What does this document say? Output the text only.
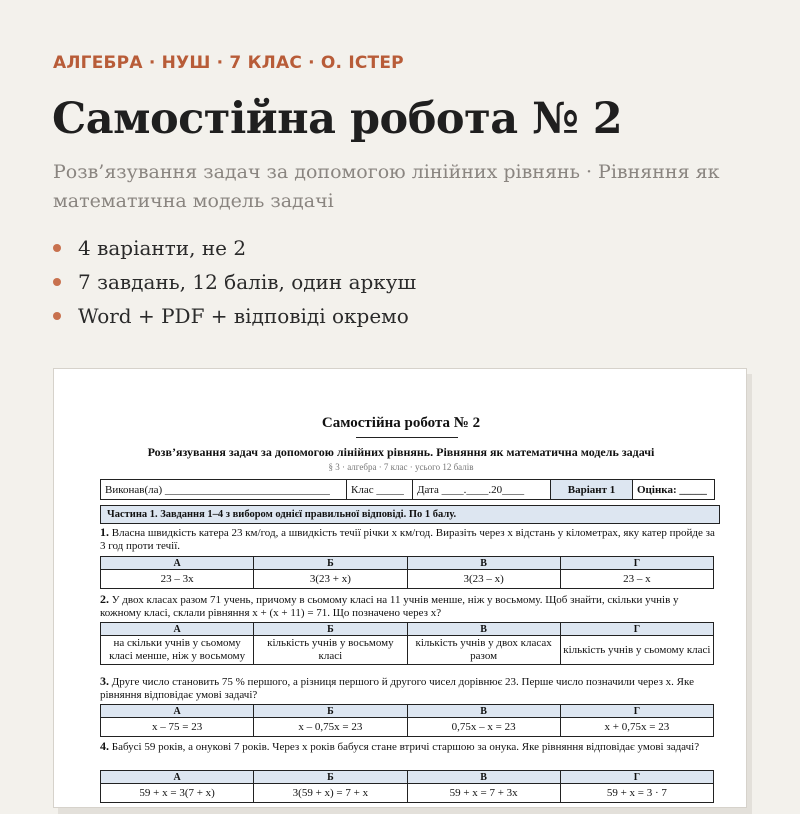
АЛГЕБРА · НУШ · 7 КЛАС · О. ІСТЕР
Самостійна робота № 2
Розв’язування задач за допомогою лінійних рівнянь · Рівняння як математична модель задачі
4 варіанти, не 2
7 завдань, 12 балів, один аркуш
Word + PDF + відповіді окремо
Самостійна робота № 2
Розв’язування задач за допомогою лінійних рівнянь. Рівняння як математична модель задачі
§ 3 · алгебра · 7 клас · усього 12 балів
Виконав(ла) ______________________________	Клас _____	Дата ____.____.20____	Варіант 1	Оцінка: _____
Частина 1. Завдання 1–4 з вибором однієї правильної відповіді. По 1 балу.
1. Власна швидкість катера 23 км/год, а швидкість течії річки x км/год. Виразіть через x відстань у кілометрах, яку катер пройде за 3 год проти течії.
А	Б	В	Г
23 – 3x	3(23 + x)	3(23 – x)	23 – x
2. У двох класах разом 71 учень, причому в сьомому класі на 11 учнів менше, ніж у восьмому. Щоб знайти, скільки учнів у кожному класі, склали рівняння x + (x + 11) = 71. Що позначено через x?
А	Б	В	Г
на скільки учнів у сьомому класі менше, ніж у восьмому	кількість учнів у восьмому класі	кількість учнів у двох класах разом	кількість учнів у сьомому класі
3. Друге число становить 75 % першого, а різниця першого й другого чисел дорівнює 23. Перше число позначили через x. Яке рівняння відповідає умові задачі?
А	Б	В	Г
x – 75 = 23	x – 0,75x = 23	0,75x – x = 23	x + 0,75x = 23
4. Бабусі 59 років, а онукові 7 років. Через x років бабуся стане втричі старшою за онука. Яке рівняння відповідає умові задачі?
А	Б	В	Г
59 + x = 3(7 + x)	3(59 + x) = 7 + x	59 + x = 7 + 3x	59 + x = 3 · 7
